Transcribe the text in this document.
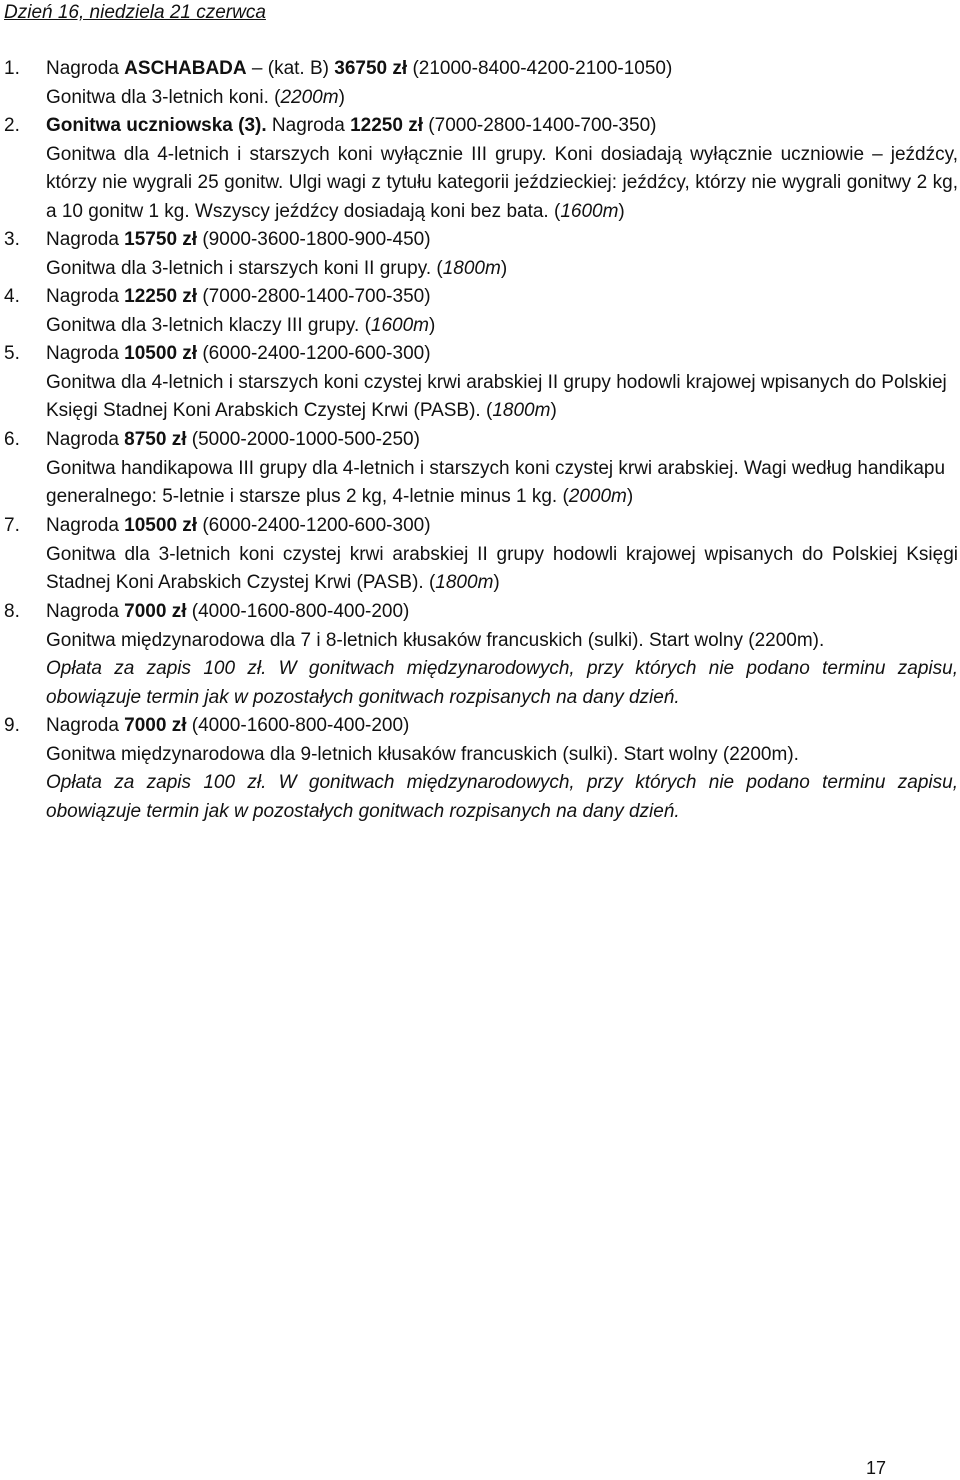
Dzień 16, niedziela 21 czerwca
1.	Nagroda ASCHABADA – (kat. B) 36750 zł (21000-8400-4200-2100-1050)
Gonitwa dla 3-letnich koni. (2200m)
2.	Gonitwa uczniowska (3). Nagroda 12250 zł (7000-2800-1400-700-350)
Gonitwa dla 4-letnich i starszych koni wyłącznie III grupy. Koni dosiadają wyłącznie uczniowie – jeźdźcy, którzy nie wygrali 25 gonitw. Ulgi wagi z tytułu kategorii jeździeckiej: jeźdźcy, którzy nie wygrali gonitwy 2 kg, a 10 gonitw 1 kg. Wszyscy jeźdźcy dosiadają koni bez bata. (1600m)
3.	Nagroda 15750 zł (9000-3600-1800-900-450)
Gonitwa dla 3-letnich i starszych koni II grupy. (1800m)
4.	Nagroda 12250 zł (7000-2800-1400-700-350)
Gonitwa dla 3-letnich klaczy III grupy. (1600m)
5.	Nagroda 10500 zł (6000-2400-1200-600-300)
Gonitwa dla 4-letnich i starszych koni czystej krwi arabskiej II grupy hodowli krajowej wpisanych do Polskiej Księgi Stadnej Koni Arabskich Czystej Krwi (PASB). (1800m)
6.	Nagroda 8750 zł (5000-2000-1000-500-250)
Gonitwa handikapowa III grupy dla 4-letnich i starszych koni czystej krwi arabskiej. Wagi według handikapu generalnego: 5-letnie i starsze plus 2 kg, 4-letnie minus 1 kg. (2000m)
7.	Nagroda 10500 zł (6000-2400-1200-600-300)
Gonitwa dla 3-letnich koni czystej krwi arabskiej II grupy hodowli krajowej wpisanych do Polskiej Księgi Stadnej Koni Arabskich Czystej Krwi (PASB). (1800m)
8.	Nagroda 7000 zł (4000-1600-800-400-200)
Gonitwa międzynarodowa dla 7 i 8-letnich kłusaków francuskich (sulki). Start wolny (2200m).
Opłata za zapis 100 zł. W gonitwach międzynarodowych, przy których nie podano terminu zapisu, obowiązuje termin jak w pozostałych gonitwach rozpisanych na dany dzień.
9.	Nagroda 7000 zł (4000-1600-800-400-200)
Gonitwa międzynarodowa dla 9-letnich kłusaków francuskich (sulki). Start wolny (2200m).
Opłata za zapis 100 zł. W gonitwach międzynarodowych, przy których nie podano terminu zapisu, obowiązuje termin jak w pozostałych gonitwach rozpisanych na dany dzień.
17
